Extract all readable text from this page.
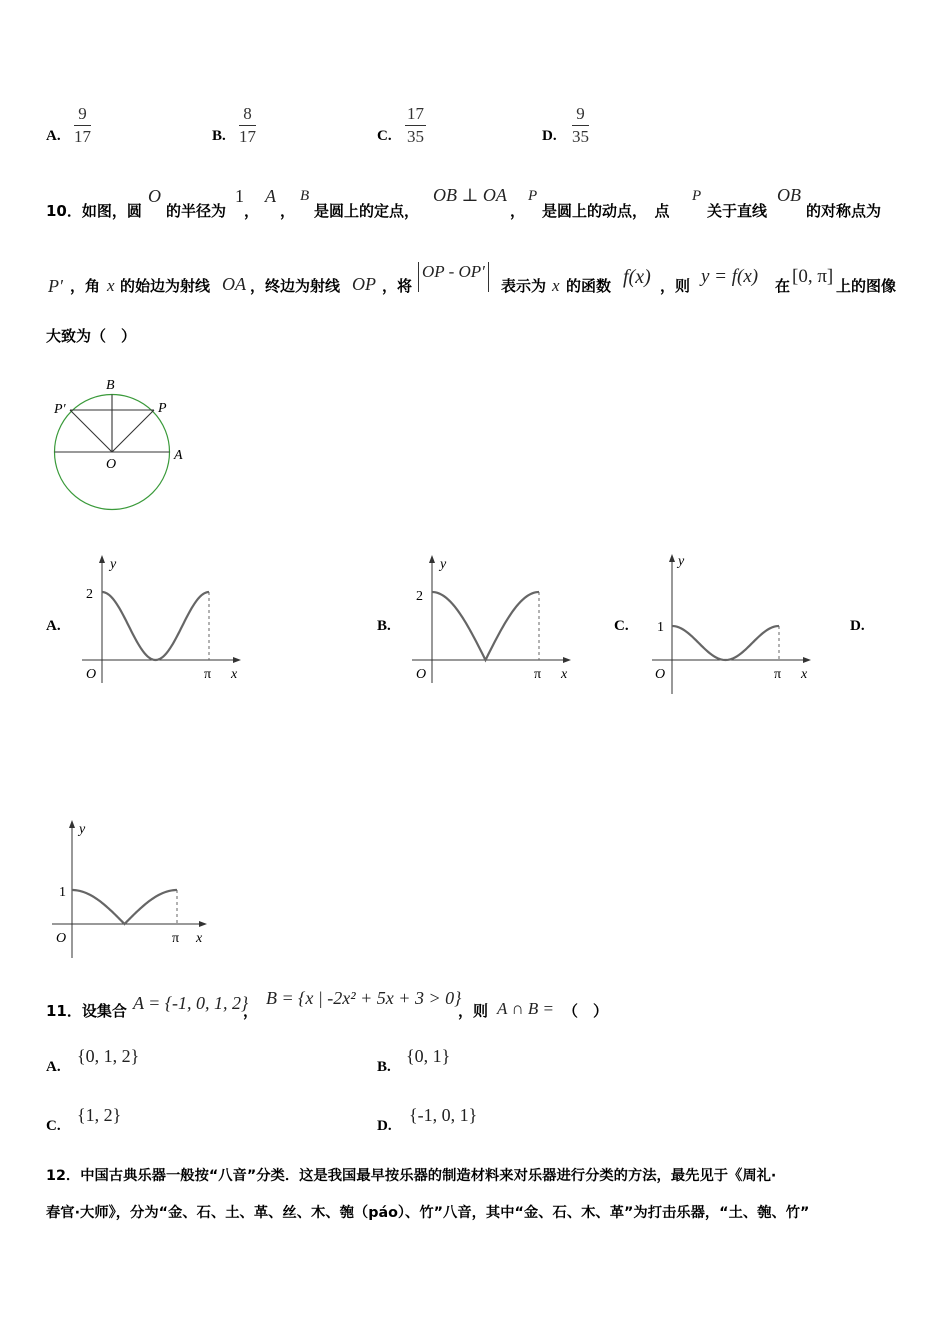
A. $\frac{9}{17}$	B. $\frac{8}{17}$	C. $\frac{17}{35}$	D. $\frac{9}{35}$
10．如图，圆
O
的半径为
1
，
A
，
B
是圆上的定点，
OB ⊥ OA
，
P
是圆上的动点，　点
P
关于直线
OB
的对称点为
P′ ，角 x 的始边为射线 OA ，终边为射线 OP ，将
OP - OP′
表示为 x 的函数 f(x) ，则 y = f(x) 在 [0, π] 上的图像
大致为（　）
B
P′	P
O
A
A.
y
2
O	π x
B.
y
2
O	π x
C.
y
1
O	π x
D.
y
1
O	π x
11．设集合 A = {-1, 0, 1, 2}
，
B = {x | -2x² + 5x + 3 > 0}
，则 A ∩ B = （　）
A.
{0, 1, 2}
B.
{0, 1}
C.
{1, 2}
D.
{-1, 0, 1}
12．中国古典乐器一般按“八音”分类．这是我国最早按乐器的制造材料来对乐器进行分类的方法，最先见于《周礼·
春官·大师》，分为“金、石、土、革、丝、木、匏（páo）、竹”八音，其中“金、石、木、革”为打击乐器，“土、匏、竹”
